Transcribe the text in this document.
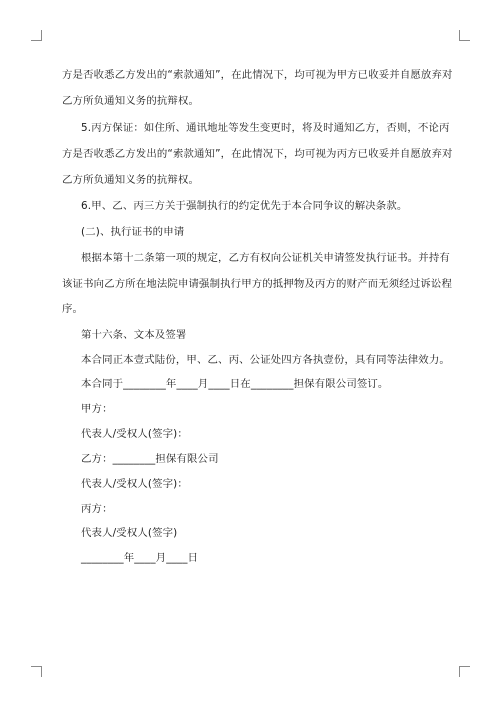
方是否收悉乙方发出的“索款通知”，在此情况下，均可视为甲方已收妥并自愿放弃对

乙方所负通知义务的抗辩权。

5.丙方保证：如住所、通讯地址等发生变更时，将及时通知乙方，否则，不论丙

方是否收悉乙方发出的“索款通知”，在此情况下，均可视为丙方已收妥并自愿放弃对

乙方所负通知义务的抗辩权。

6.甲、乙、丙三方关于强制执行的约定优先于本合同争议的解决条款。

(二)、执行证书的申请

根据本第十二条第一项的规定，乙方有权向公证机关申请签发执行证书。并持有

该证书向乙方所在地法院申请强制执行甲方的抵押物及丙方的财产而无须经过诉讼程

序。

第十六条、文本及签署

本合同正本壹式陆份，甲、乙、丙、公证处四方各执壹份，具有同等法律效力。

本合同于________年____月____日在________担保有限公司签订。

甲方：

代表人/受权人(签字)：

乙方：________担保有限公司

代表人/受权人(签字)：

丙方：

代表人/受权人(签字)

________年____月____日
